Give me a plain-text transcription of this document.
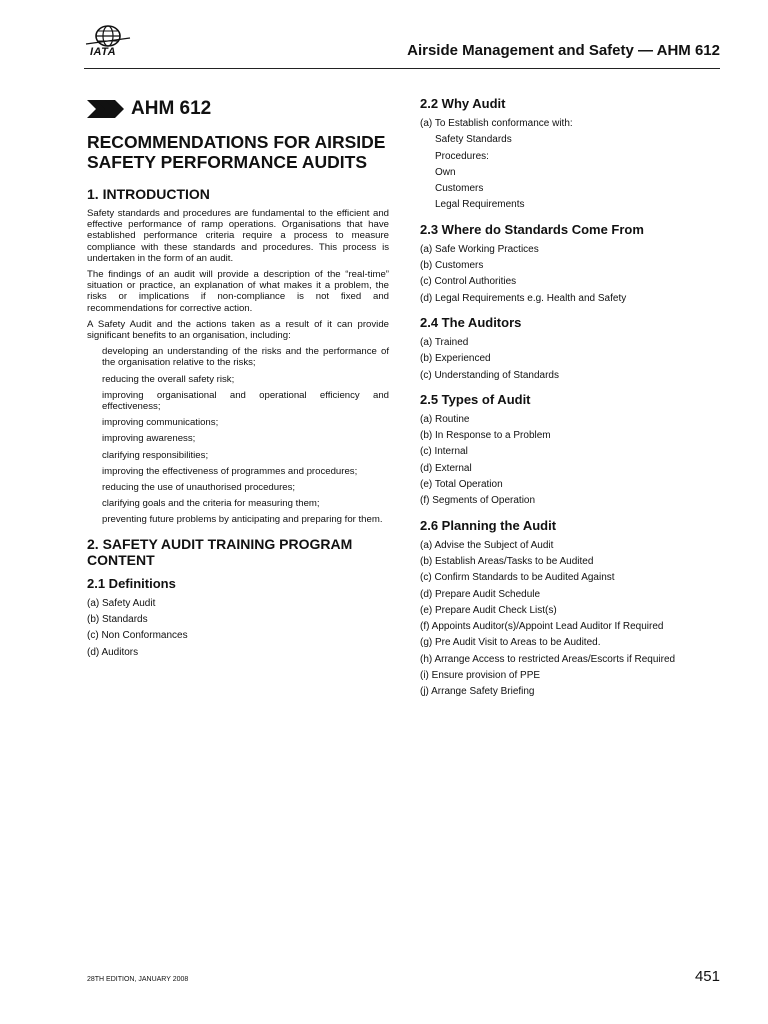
IATA	Airside Management and Safety — AHM 612
AHM 612
RECOMMENDATIONS FOR AIRSIDE SAFETY PERFORMANCE AUDITS
1. INTRODUCTION

Safety standards and procedures are fundamental to the efficient and effective performance of ramp operations. Organisations that have established performance criteria require a process to measure compliance with these standards and procedures. This process is undertaken in the form of an audit.

The findings of an audit will provide a description of the “real-time” situation or practice, an explanation of what makes it a problem, the risks or implications if non-compliance is not fixed and recommendations for corrective action.

A Safety Audit and the actions taken as a result of it can provide significant benefits to an organisation, including:

developing an understanding of the risks and the performance of the organisation relative to the risks;
reducing the overall safety risk;
improving organisational and operational efficiency and effectiveness;
improving communications;
improving awareness;
clarifying responsibilities;
improving the effectiveness of programmes and procedures;
reducing the use of unauthorised procedures;
clarifying goals and the criteria for measuring them;
preventing future problems by anticipating and preparing for them.
2. SAFETY AUDIT TRAINING PROGRAM CONTENT
2.1 Definitions
(a) Safety Audit
(b) Standards
(c) Non Conformances
(d) Auditors
2.2 Why Audit
(a) To Establish conformance with:
Safety Standards
Procedures:
Own
Customers
Legal Requirements
2.3 Where do Standards Come From
(a) Safe Working Practices
(b) Customers
(c) Control Authorities
(d) Legal Requirements e.g. Health and Safety
2.4 The Auditors
(a) Trained
(b) Experienced
(c) Understanding of Standards
2.5 Types of Audit
(a) Routine
(b) In Response to a Problem
(c) Internal
(d) External
(e) Total Operation
(f) Segments of Operation
2.6 Planning the Audit
(a) Advise the Subject of Audit
(b) Establish Areas/Tasks to be Audited
(c) Confirm Standards to be Audited Against
(d) Prepare Audit Schedule
(e) Prepare Audit Check List(s)
(f) Appoints Auditor(s)/Appoint Lead Auditor If Required
(g) Pre Audit Visit to Areas to be Audited.
(h) Arrange Access to restricted Areas/Escorts if Required
(i) Ensure provision of PPE
(j) Arrange Safety Briefing
28TH EDITION, JANUARY 2008	451
